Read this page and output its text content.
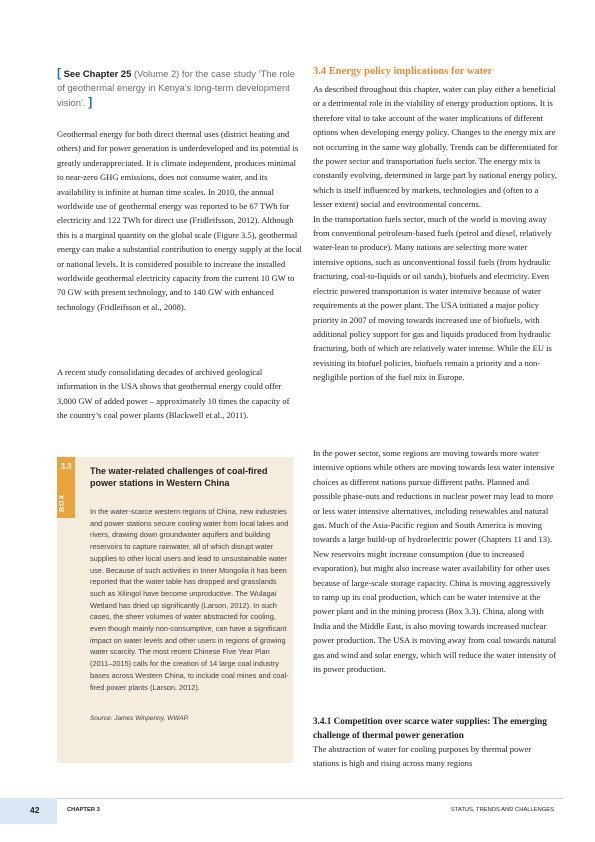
[ See Chapter 25 (Volume 2) for the case study ‘The role of geothermal energy in Kenya’s long-term development vision’. ]

Geothermal energy for both direct thermal uses (district heating and others) and for power generation is underdeveloped and its potential is greatly underappreciated. It is climate independent, produces minimal to near-zero GHG emissions, does not consume water, and its availability is infinite at human time scales. In 2010, the annual worldwide use of geothermal energy was reported to be 67 TWh for electricity and 122 TWh for direct use (Fridleifsson, 2012). Although this is a marginal quantity on the global scale (Figure 3.5), geothermal energy can make a substantial contribution to energy supply at the local or national levels. It is considered possible to increase the installed worldwide geothermal electricity capacity from the current 10 GW to 70 GW with present technology, and to 140 GW with enhanced technology (Fridleifsson et al., 2008).

A recent study consolidating decades of archived geological information in the USA shows that geothermal energy could offer 3,000 GW of added power – approximately 10 times the capacity of the country’s coal power plants (Blackwell et al., 2011).

3.3
BOX
The water-related challenges of coal-fired power stations in Western China
In the water-scarce western regions of China, new industries and power stations secure cooling water from local lakes and rivers, drawing down groundwater aquifers and building reservoirs to capture rainwater, all of which disrupt water supplies to other local users and lead to unsustainable water use. Because of such activities in Inner Mongolia it has been reported that the water table has dropped and grasslands such as Xilingol have become unproductive. The Wulagai Wetland has dried up significantly (Larson, 2012). In such cases, the sheer volumes of water abstracted for cooling, even though mainly non-consumptive, can have a significant impact on water levels and other users in regions of growing water scarcity. The most recent Chinese Five Year Plan (2011–2015) calls for the creation of 14 large coal industry bases across Western China, to include coal mines and coal-fired power plants (Larson, 2012).
Source: James Winpenny, WWAP.
3.4 Energy policy implications for water

As described throughout this chapter, water can play either a beneficial or a detrimental role in the viability of energy production options. It is therefore vital to take account of the water implications of different options when developing energy policy. Changes to the energy mix are not occurring in the same way globally. Trends can be differentiated for the power sector and transportation fuels sector. The energy mix is constantly evolving, determined in large part by national energy policy, which is itself influenced by markets, technologies and (often to a lesser extent) social and environmental concerns.

In the transportation fuels sector, much of the world is moving away from conventional petroleum-based fuels (petrol and diesel, relatively water-lean to produce). Many nations are selecting more water intensive options, such as unconventional fossil fuels (from hydraulic fracturing, coal-to-liquids or oil sands), biofuels and electricity. Even electric powered transportation is water intensive because of water requirements at the power plant. The USA initiated a major policy priority in 2007 of moving towards increased use of biofuels, with additional policy support for gas and liquids produced from hydraulic fracturing, both of which are relatively water intense. While the EU is revisiting its biofuel policies, biofuels remain a priority and a non-negligible portion of the fuel mix in Europe.

In the power sector, some regions are moving towards more water intensive options while others are moving towards less water intensive choices as different nations pursue different paths. Planned and possible phase-outs and reductions in nuclear power may lead to more or less water intensive alternatives, including renewables and natural gas. Much of the Asia-Pacific region and South America is moving towards a large build-up of hydroelectric power (Chapters 11 and 13). New reservoirs might increase consumption (due to increased evaporation), but might also increase water availability for other uses because of large-scale storage capacity. China is moving aggressively to ramp up its coal production, which can be water intensive at the power plant and in the mining process (Box 3.3). China, along with India and the Middle East, is also moving towards increased nuclear power production. The USA is moving away from coal towards natural gas and wind and solar energy, which will reduce the water intensity of its power production.

3.4.1 Competition over scarce water supplies: The emerging challenge of thermal power generation

The abstraction of water for cooling purposes by thermal power stations is high and rising across many regions

42	CHAPTER 3	STATUS, TRENDS AND CHALLENGES
